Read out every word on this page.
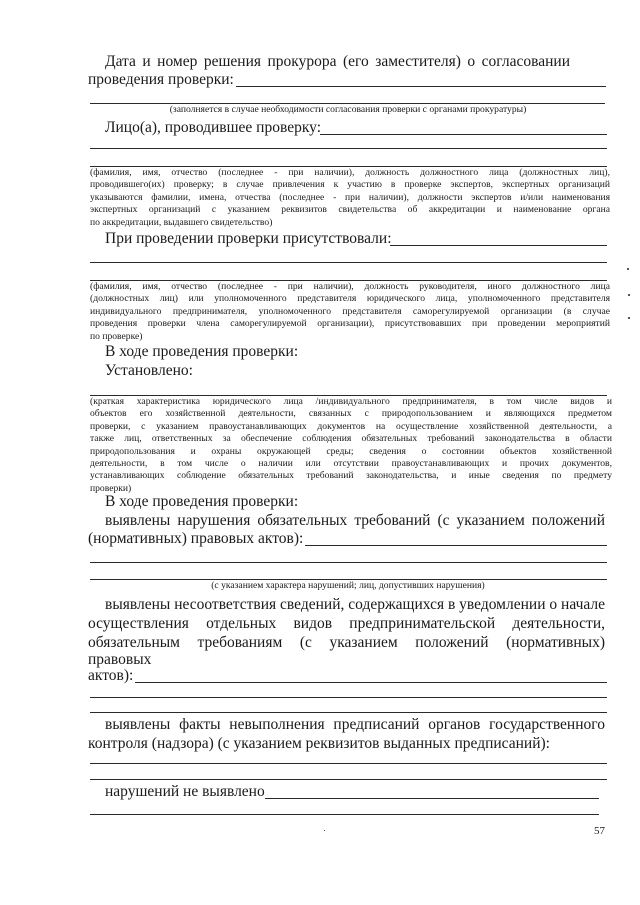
Дата и номер решения прокурора (его заместителя) о согласовании
проведения проверки:
(заполняется в случае необходимости согласования проверки с органами прокуратуры)
Лицо(а), проводившее проверку:
(фамилия, имя, отчество (последнее - при наличии), должность должностного лица (должностных лиц),
проводившего(их) проверку; в случае привлечения к участию в проверке экспертов, экспертных организаций
указываются фамилии, имена, отчества (последнее - при наличии), должности экспертов и/или наименования
экспертных организаций с указанием реквизитов свидетельства об аккредитации и наименование органа
по аккредитации, выдавшего свидетельство)
При проведении проверки присутствовали:
(фамилия, имя, отчество (последнее - при наличии), должность руководителя, иного должностного лица
(должностных лиц) или уполномоченного представителя юридического лица, уполномоченного представителя
индивидуального предпринимателя, уполномоченного представителя саморегулируемой организации (в случае
проведения проверки члена саморегулируемой организации), присутствовавших при проведении мероприятий
по проверке)
В ходе проведения проверки:
Установлено:
(краткая характеристика юридического лица /индивидуального предпринимателя, в том числе видов и
объектов его хозяйственной деятельности, связанных с природопользованием и являющихся предметом
проверки, с указанием правоустанавливающих документов на осуществление хозяйственной деятельности, а
также лиц, ответственных за обеспечение соблюдения обязательных требований законодательства в области
природопользования и охраны окружающей среды; сведения о состоянии объектов хозяйственной
деятельности, в том числе о наличии или отсутствии правоустанавливающих и прочих документов,
устанавливающих соблюдение обязательных требований законодательства, и иные сведения по предмету
проверки)
В ходе проведения проверки:
выявлены нарушения обязательных требований (с указанием положений
(нормативных) правовых актов):
(с указанием характера нарушений; лиц, допустивших нарушения)
выявлены несоответствия сведений, содержащихся в уведомлении о начале
осуществления отдельных видов предпринимательской деятельности,
обязательным требованиям (с указанием положений (нормативных)
правовых
актов):
выявлены факты невыполнения предписаний органов государственного
контроля (надзора) (с указанием реквизитов выданных предписаний):
нарушений не выявлено
57
